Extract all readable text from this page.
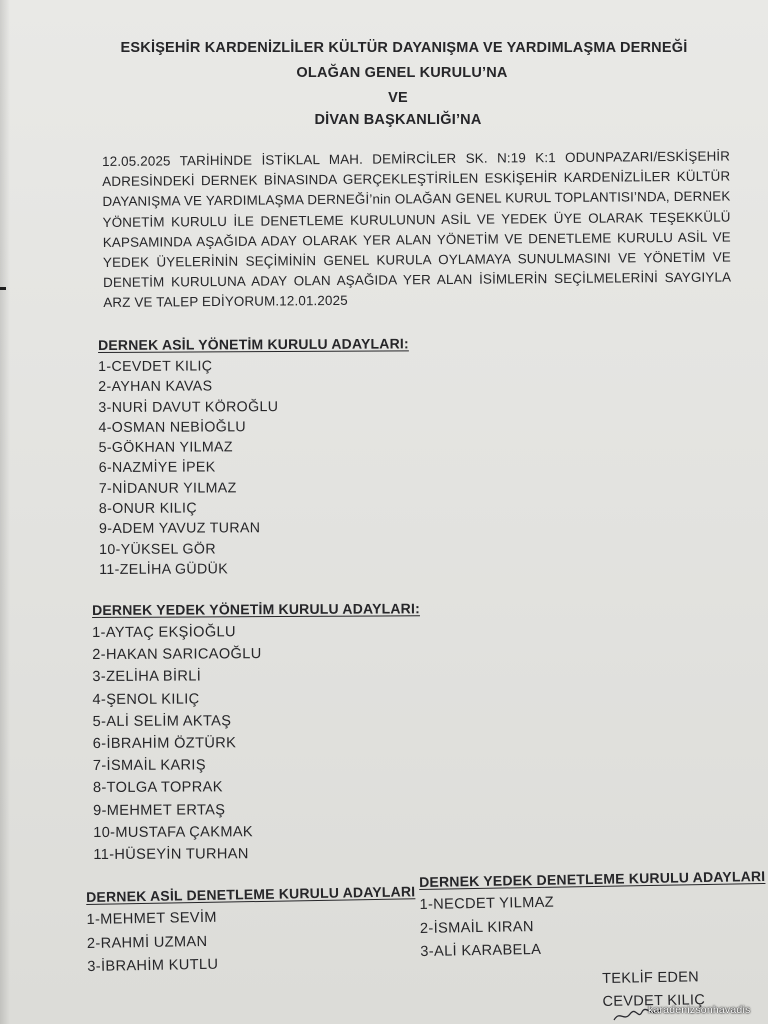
ESKİŞEHİR KARDENİZLİLER KÜLTÜR DAYANIŞMA VE YARDIMLAŞMA DERNEĞİ

OLAĞAN GENEL KURULU’NA

VE

DİVAN BAŞKANLIĞI’NA

12.05.2025 TARİHİNDE İSTİKLAL MAH. DEMİRCİLER SK. N:19 K:1 ODUNPAZARI/ESKİŞEHİR ADRESİNDEKİ DERNEK BİNASINDA GERÇEKLEŞTİRİLEN ESKİŞEHİR KARDENİZLİLER KÜLTÜR DAYANIŞMA VE YARDIMLAŞMA DERNEĞİ’nin OLAĞAN GENEL KURUL TOPLANTISI’NDA, DERNEK YÖNETİM KURULU İLE DENETLEME KURULUNUN ASİL VE YEDEK ÜYE OLARAK TEŞEKKÜLÜ KAPSAMINDA AŞAĞIDA ADAY OLARAK YER ALAN YÖNETİM VE DENETLEME KURULU ASİL VE YEDEK ÜYELERİNİN SEÇİMİNİN GENEL KURULA OYLAMAYA SUNULMASINI VE YÖNETİM VE DENETİM KURULUNA ADAY OLAN AŞAĞIDA YER ALAN İSİMLERİN SEÇİLMELERİNİ SAYGIYLA ARZ VE TALEP EDİYORUM.12.01.2025

DERNEK ASİL YÖNETİM KURULU ADAYLARI:

1-CEVDET KILIÇ
2-AYHAN KAVAS
3-NURİ DAVUT KÖROĞLU
4-OSMAN NEBİOĞLU
5-GÖKHAN YILMAZ
6-NAZMİYE İPEK
7-NİDANUR YILMAZ
8-ONUR KILIÇ
9-ADEM YAVUZ TURAN
10-YÜKSEL GÖR
11-ZELİHA GÜDÜK

DERNEK YEDEK YÖNETİM KURULU ADAYLARI:

1-AYTAÇ EKŞİOĞLU
2-HAKAN SARICAOĞLU
3-ZELİHA BİRLİ
4-ŞENOL KILIÇ
5-ALİ SELİM AKTAŞ
6-İBRAHİM ÖZTÜRK
7-İSMAİL KARIŞ
8-TOLGA TOPRAK
9-MEHMET ERTAŞ
10-MUSTAFA ÇAKMAK
11-HÜSEYİN TURHAN

DERNEK ASİL DENETLEME KURULU ADAYLARI

1-MEHMET SEVİM
2-RAHMİ UZMAN
3-İBRAHİM KUTLU

DERNEK YEDEK DENETLEME KURULU ADAYLARI

1-NECDET YILMAZ
2-İSMAİL KIRAN
3-ALİ KARABELA
TEKLİF EDEN
CEVDET KILIÇ
karadenizsonhavadis
